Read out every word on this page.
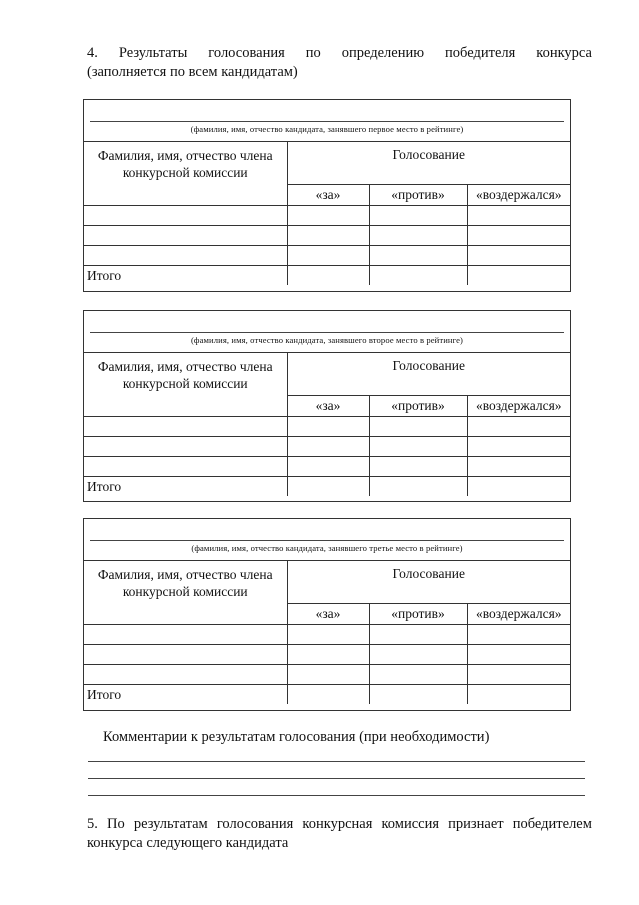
4. Результаты голосования по определению победителя конкурса
(заполняется по всем кандидатам)
(фамилия, имя, отчество кандидата, занявшего первое место в рейтинге)
Фамилия, имя, отчество члена конкурсной комиссии	Голосование		
	«за»	«против»	«воздержался»

Итого			
(фамилия, имя, отчество кандидата, занявшего второе место в рейтинге)
Фамилия, имя, отчество члена конкурсной комиссии	Голосование		
	«за»	«против»	«воздержался»

Итого			
(фамилия, имя, отчество кандидата, занявшего третье место в рейтинге)
Фамилия, имя, отчество члена конкурсной комиссии	Голосование		
	«за»	«против»	«воздержался»

Итого			
Комментарии к результатам голосования (при необходимости)
5. По результатам голосования конкурсная комиссия признает победителем
конкурса следующего кандидата
